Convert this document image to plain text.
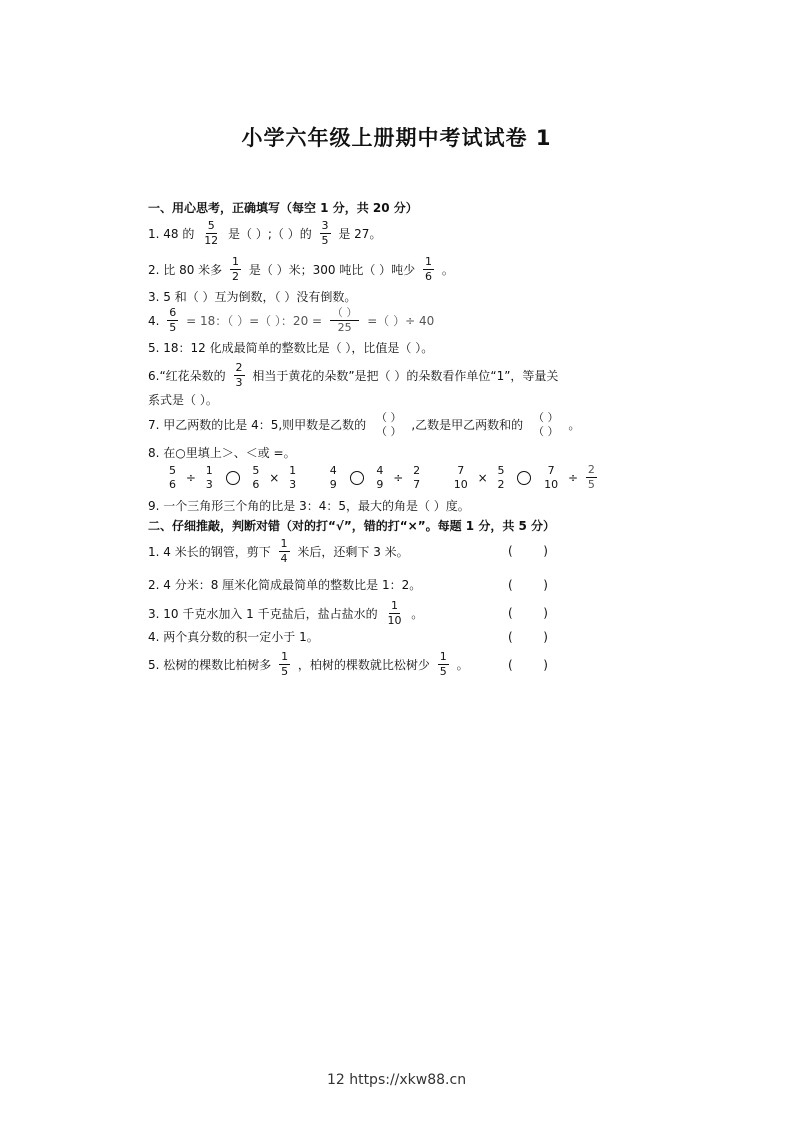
小学六年级上册期中考试试卷 1
一、用心思考，正确填写（每空 1 分，共 20 分）
1. 48 的 $\frac{5}{12}$ 是（ ）;（ ）的 $\frac{3}{5}$ 是 27。
2. 比 80 米多 $\frac{1}{2}$ 是（ ）米；300 吨比（ ）吨少 $\frac{1}{6}$ 。
3. 5 和（ ）互为倒数，（ ）没有倒数。
4. $\frac{6}{5} = 18$：（ ）=（ ）：$20 = \frac{( )}{25}$ =（ ）÷ 40
5. 18：12 化成最简单的整数比是（ ），比值是（ ）。
6.“红花朵数的 $\frac{2}{3}$ 相当于黄花的朵数”是把（ ）的朵数看作单位“1”，等量关
系式是（ ）。
7. 甲乙两数的比是 4：5,则甲数是乙数的
（ ）
（ ） ,乙数是甲乙两数和的
（ ）
（ ） 。
8. 在○里填上＞、＜或 =。
5
6 ÷
1
3

5
6 ×
1
3

4
9

4
9 ÷
2
7

7
10 ×
5
2

7
$10 \div \frac{2}{5}$
9. 一个三角形三个角的比是 3：4：5，最大的角是（ ）度。
二、仔细推敲，判断对错（对的打“√”，错的打“×”。每题 1 分，共 5 分）
1. 4 米长的钢管，剪下 $\frac{1}{4}$ 米后，还剩下 3 米。	(        )
2. 4 分米：8 厘米化简成最简单的整数比是 1：2。	(        )
3. 10 千克水加入 1 千克盐后，盐占盐水的 $\frac{1}{10}$ 。	(        )
4. 两个真分数的积一定小于 1。	(        )
5. 松树的棵数比柏树多 $\frac{1}{5}$ ，柏树的棵数就比松树少 $\frac{1}{5}$ 。	(        )
12 https://xkw88.cn
